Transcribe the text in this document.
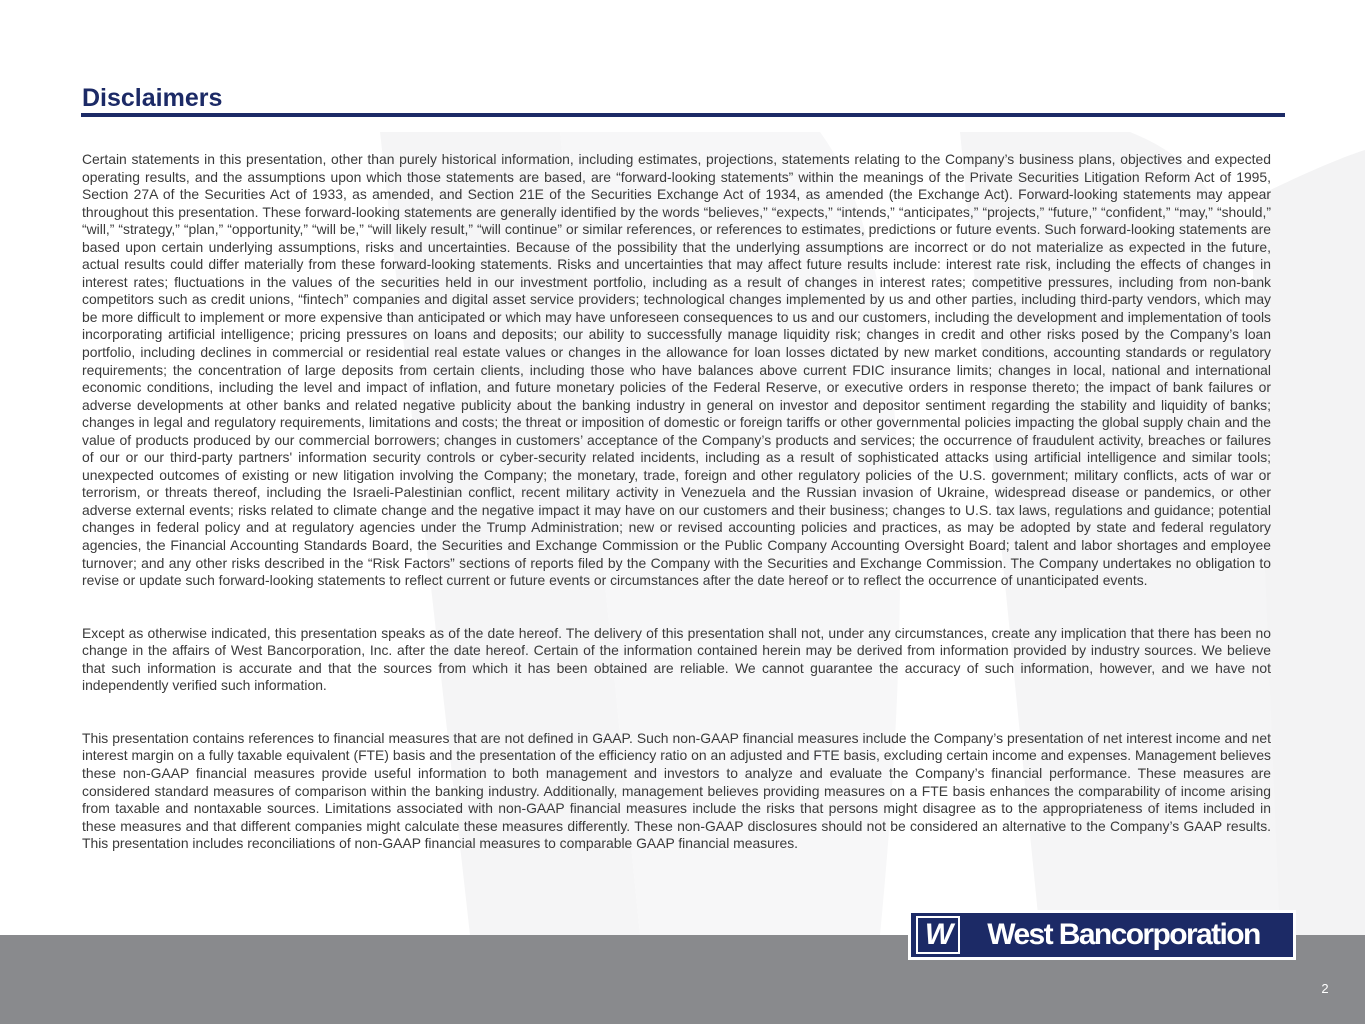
Disclaimers

Certain statements in this presentation, other than purely historical information, including estimates, projections, statements relating to the Company’s business plans, objectives and expected operating results, and the assumptions upon which those statements are based, are “forward-looking statements” within the meanings of the Private Securities Litigation Reform Act of 1995, Section 27A of the Securities Act of 1933, as amended, and Section 21E of the Securities Exchange Act of 1934, as amended (the Exchange Act). Forward-looking statements may appear throughout this presentation. These forward-looking statements are generally identified by the words “believes,” “expects,” “intends,” “anticipates,” “projects,” “future,” “confident,” “may,” “should,” “will,” “strategy,” “plan,” “opportunity,” “will be,” “will likely result,” “will continue” or similar references, or references to estimates, predictions or future events. Such forward-looking statements are based upon certain underlying assumptions, risks and uncertainties. Because of the possibility that the underlying assumptions are incorrect or do not materialize as expected in the future, actual results could differ materially from these forward-looking statements. Risks and uncertainties that may affect future results include: interest rate risk, including the effects of changes in interest rates; fluctuations in the values of the securities held in our investment portfolio, including as a result of changes in interest rates; competitive pressures, including from non-bank competitors such as credit unions, “fintech” companies and digital asset service providers; technological changes implemented by us and other parties, including third-party vendors, which may be more difficult to implement or more expensive than anticipated or which may have unforeseen consequences to us and our customers, including the development and implementation of tools incorporating artificial intelligence; pricing pressures on loans and deposits; our ability to successfully manage liquidity risk; changes in credit and other risks posed by the Company’s loan portfolio, including declines in commercial or residential real estate values or changes in the allowance for loan losses dictated by new market conditions, accounting standards or regulatory requirements; the concentration of large deposits from certain clients, including those who have balances above current FDIC insurance limits; changes in local, national and international economic conditions, including the level and impact of inflation, and future monetary policies of the Federal Reserve, or executive orders in response thereto; the impact of bank failures or adverse developments at other banks and related negative publicity about the banking industry in general on investor and depositor sentiment regarding the stability and liquidity of banks; changes in legal and regulatory requirements, limitations and costs; the threat or imposition of domestic or foreign tariffs or other governmental policies impacting the global supply chain and the value of products produced by our commercial borrowers; changes in customers’ acceptance of the Company’s products and services; the occurrence of fraudulent activity, breaches or failures of our or our third-party partners' information security controls or cyber-security related incidents, including as a result of sophisticated attacks using artificial intelligence and similar tools; unexpected outcomes of existing or new litigation involving the Company; the monetary, trade, foreign and other regulatory policies of the U.S. government; military conflicts, acts of war or terrorism, or threats thereof, including the Israeli-Palestinian conflict, recent military activity in Venezuela and the Russian invasion of Ukraine, widespread disease or pandemics, or other adverse external events; risks related to climate change and the negative impact it may have on our customers and their business; changes to U.S. tax laws, regulations and guidance; potential changes in federal policy and at regulatory agencies under the Trump Administration; new or revised accounting policies and practices, as may be adopted by state and federal regulatory agencies, the Financial Accounting Standards Board, the Securities and Exchange Commission or the Public Company Accounting Oversight Board; talent and labor shortages and employee turnover; and any other risks described in the “Risk Factors” sections of reports filed by the Company with the Securities and Exchange Commission. The Company undertakes no obligation to revise or update such forward-looking statements to reflect current or future events or circumstances after the date hereof or to reflect the occurrence of unanticipated events.

Except as otherwise indicated, this presentation speaks as of the date hereof. The delivery of this presentation shall not, under any circumstances, create any implication that there has been no change in the affairs of West Bancorporation, Inc. after the date hereof. Certain of the information contained herein may be derived from information provided by industry sources. We believe that such information is accurate and that the sources from which it has been obtained are reliable. We cannot guarantee the accuracy of such information, however, and we have not independently verified such information.

This presentation contains references to financial measures that are not defined in GAAP. Such non-GAAP financial measures include the Company’s presentation of net interest income and net interest margin on a fully taxable equivalent (FTE) basis and the presentation of the efficiency ratio on an adjusted and FTE basis, excluding certain income and expenses. Management believes these non-GAAP financial measures provide useful information to both management and investors to analyze and evaluate the Company’s financial performance. These measures are considered standard measures of comparison within the banking industry. Additionally, management believes providing measures on a FTE basis enhances the comparability of income arising from taxable and nontaxable sources. Limitations associated with non-GAAP financial measures include the risks that persons might disagree as to the appropriateness of items included in these measures and that different companies might calculate these measures differently. These non-GAAP disclosures should not be considered an alternative to the Company’s GAAP results. This presentation includes reconciliations of non-GAAP financial measures to comparable GAAP financial measures.

W	West Bancorporation
2
